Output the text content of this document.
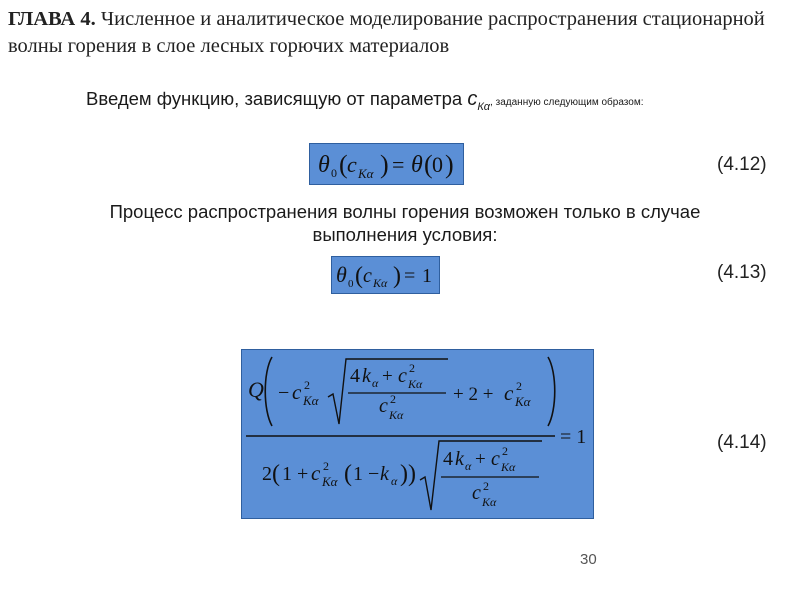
ГЛАВА 4. Численное и аналитическое моделирование распространения стационарной волны горения в слое лесных горючих материалов
Введем функцию, зависящую от параметра $с_{К\alpha}$, заданную следующим образом:
θ 0 ( c Kα ) = θ ( 0 )	(4.12)
Процесс распространения волны горения возможен только в случае выполнения условия:
θ 0 ( c Kα ) = 1	(4.13)
Q − c 2
Kα
4 k α + c 2
Kα
c 2
Kα
+ 2 + c 2
Kα
= 1
2 ( 1 + c 2
Kα ( 1 − k α ) )
4 k α + c 2
Kα
c 2
Kα
(4.14)
30
